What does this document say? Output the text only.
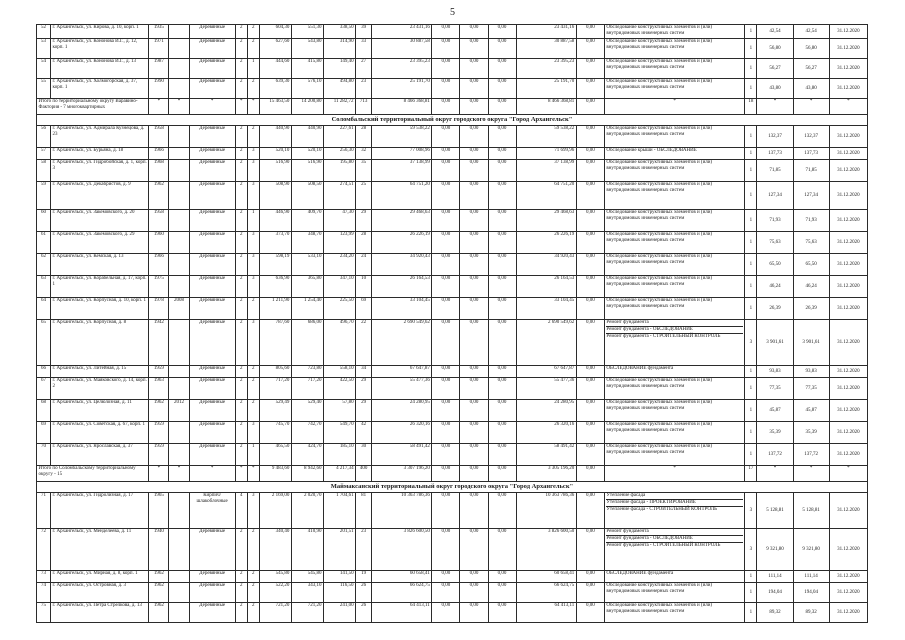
5
52	г. Архангельск, ул. Кирова, д. 10, корп. 1	1935		Деревянные	2	2	604,30	551,30	338,50	39	23 431,16	0,00	0,00	0,00	23 431,16	0,00	Обследование конструктивных элементов и (или) внутридомовых инженерных систем	1	42,54	42,54	31.12.2020
53	г. Архангельск, ул. Кононова И.Г., д. 12, корп. 1	1971		Деревянные	2	2	627,60	543,80	314,90	33	30 887,58	0,00	0,00	0,00	30 887,58	0,00	Обследование конструктивных элементов и (или) внутридомовых инженерных систем	1	56,80	56,80	31.12.2020
54	г. Архангельск, ул. Кононова И.Г., д. 13	1987		Деревянные	2	1	444,60	415,80	149,40	27	23 395,23	0,00	0,00	0,00	23 395,23	0,00	Обследование конструктивных элементов и (или) внутридомовых инженерных систем	1	56,27	56,27	31.12.2020
55	г. Архангельск, ул. Холмогорская, д. 37, корп. 1	1990		Деревянные	2	2	639,30	576,10	494,80	23	25 191,70	0,00	0,00	0,00	25 191,70	0,00	Обследование конструктивных элементов и (или) внутридомовых инженерных систем	1	43,80	43,80	31.12.2020
Итого по территориальному округу Варавино-Фактория - 7 многоквартирных		*	*	*	*	*	15 463,50	14 200,80	11 282,72	713	8 466 368,81	0,00	0,00	0,00	8 466 368,81	0,00	*	18	*	*	*
Соломбальский территориальный округ городского округа "Город Архангельск"																					
56	г. Архангельск, ул. Адмирала Кузнецова, д. 23	1958		Деревянные	2	2	440,90	440,90	227,61	28	59 538,22	0,00	0,00	0,00	59 538,22	0,00	Обследование конструктивных элементов и (или) внутридомовых инженерных систем	1	132,37	132,37	31.12.2020
57	г. Архангельск, ул. Бурьяна, д. 18	1966		Деревянные	2	3	520,10	520,10	256,30	32	77 008,96	0,00	0,00	0,00	71 699,96	0,00	Обследование крыши - ОБСЛЕДОВАНИЕ	1	137,73	137,73	31.12.2020
58	г. Архангельск, ул. Гидробойская, д. 1, корп. 3	1968		Деревянные	2	3	516,90	516,90	195,80	35	37 138,99	0,00	0,00	0,00	37 138,99	0,00	Обследование конструктивных элементов и (или) внутридомовых инженерных систем	1	71,85	71,85	31.12.2020
59	г. Архангельск, ул. Декабристов, д. 9	1962		Деревянные	2	3	508,90	508,50	274,51	25	64 751,20	0,00	0,00	0,00	64 751,20	0,00	Обследование конструктивных элементов и (или) внутридомовых инженерных систем	1	127,34	127,34	31.12.2020
60	г. Архангельск, ул. Закемовского, д. 20	1958		Деревянные	2	1	446,90	409,70	47,30	29	29 468,63	0,00	0,00	0,00	29 468,63	0,00	Обследование конструктивных элементов и (или) внутридомовых инженерных систем	1	71,93	71,93	31.12.2020
61	г. Архангельск, ул. Закемовского, д. 29	1960		Деревянные	2	3	373,70	348,70	123,99	28	26 226,19	0,00	0,00	0,00	26 226,19	0,00	Обследование конструктивных элементов и (или) внутридомовых инженерных систем	1	75,63	75,63	31.12.2020
62	г. Архангельск, ул. Кемская, д. 13	1966		Деревянные	2	3	598,19	533,10	234,20	24	34 920,43	0,00	0,00	0,00	34 920,43	0,00	Обследование конструктивных элементов и (или) внутридомовых инженерных систем	1	65,50	65,50	31.12.2020
63	г. Архангельск, ул. Корабельная, д. 17, корп. 1	1975		Деревянные	2	3	636,90	365,80	347,10	10	26 164,53	0,00	0,00	0,00	26 164,53	0,00	Обследование конструктивных элементов и (или) внутридомовых инженерных систем	1	46,24	46,24	31.12.2020
64	г. Архангельск, ул. Корпусная, д. 10, корп. 1	1978	2008	Деревянные	2	2	1 211,90	1 254,40	225,50	69	33 104,45	0,00	0,00	0,00	33 104,45	0,00	Обследование конструктивных элементов и (или) внутридомовых инженерных систем	1	26,39	26,39	31.12.2020
65	г. Архангельск, ул. Корпусная, д. 8	1942		Деревянные	2	3	787,60	686,00	496,70	22	2 690 549,62	0,00	0,00	0,00	2 690 549,62	0,00	Ремонт фундамента
Ремонт фундамента - ОБСЛЕДОВАНИЕ
Ремонт фундамента - СТРОИТЕЛЬНЫЙ КОНТРОЛЬ	3	3 901,61	3 901,61	31.12.2020
66	г. Архангельск, ул. Литейная, д. 15	1959		Деревянные	2	2	805,60	723,80	558,10	34	67 647,87	0,00	0,00	0,00	67 647,87	0,00	ОБСЛЕДОВАНИЕ фундамента	1	93,83	93,83	31.12.2020
67	г. Архангельск, ул. Маяковского, д. 14, корп. 2	1963		Деревянные	2	2	717,20	717,20	422,50	29	55 477,36	0,00	0,00	0,00	55 477,36	0,00	Обследование конструктивных элементов и (или) внутридомовых инженерных систем	1	77,35	77,35	31.12.2020
68	г. Архангельск, ул. Целюлозная, д. 11	1962	2012	Деревянные	2	2	529,49	529,40	57,80	29	24 280,95	0,00	0,00	0,00	24 280,95	0,00	Обследование конструктивных элементов и (или) внутридомовых инженерных систем	1	45,87	45,87	31.12.2020
69	г. Архангельск, ул. Советская, д. 67, корп. 1	1959		Деревянные	2	3	745,70	742,70	549,70	42	26 320,16	0,00	0,00	0,00	26 320,16	0,00	Обследование конструктивных элементов и (или) внутридомовых инженерных систем	1	35,39	35,39	31.12.2020
70	г. Архангельск, ул. Ярославская, д. 37	1959		Деревянные	2	1	465,50	424,70	185,10	30	58 491,42	0,00	0,00	0,00	58 491,42	0,00	Обследование конструктивных элементов и (или) внутридомовых инженерных систем	1	137,72	137,72	31.12.2020
Итого по Соломбальскому территориальному округу - 15		*	*	*	*	*	9 483,60	8 942,60	4 217,34	400	3 307 196,20	0,00	0,00	0,00	3 305 196,20	0,00	*	17	*	*	*
Маймаксанский территориальный округ городского округа "Город Архангельск"																					
71	г. Архангельск, ул. Гидролизная, д. 17	1965		Кирпич/ шлакоблочные	4	3	2 169,00	2 020,70	1 704,61	81	10 363 786,36	0,00	0,00	0,00	10 363 786,36	0,00	Утепление фасада
Утепление фасада - ПРОЕКТИРОВАНИЕ
Утепление фасада - СТРОИТЕЛЬНЫЙ КОНТРОЛЬ	3	5 128,81	5 128,81	31.12.2020
72	г. Архангельск, ул. Менделеева, д. 11	1940		Деревянные	2	2	340,40	410,90	201,51	23	3 826 600,50	0,00	0,00	0,00	3 826 600,50	0,00	Ремонт фундамента
Ремонт фундамента - ОБСЛЕДОВАНИЕ
Ремонт фундамента - СТРОИТЕЛЬНЫЙ КОНТРОЛЬ	3	9 321,80	9 321,80	31.12.2020
73	г. Архангельск, ул. Мирная, д. 8, корп. 1	1962		Деревянные	2	2	545,80	545,80	141,50	19	60 658,41	0,00	0,00	0,00	60 658,41	0,00	ОБСЛЕДОВАНИЕ фундамента	1	111,14	111,14	31.12.2020
74	г. Архангельск, ул. Островная, д. 3	1962		Деревянные	2	2	522,20	343,10	116,50	26	66 624,75	0,00	0,00	0,00	66 624,75	0,00	Обследование конструктивных элементов и (или) внутридомовых инженерных систем	1	194,04	194,04	31.12.2020
75	г. Архангельск, ул. Петра Стрелкова, д. 13	1962		Деревянные	2	2	721,20	721,20	241,00	26	64 413,11	0,00	0,00	0,00	64 413,11	0,00	Обследование конструктивных элементов и (или) внутридомовых инженерных систем	1	89,32	89,32	31.12.2020
